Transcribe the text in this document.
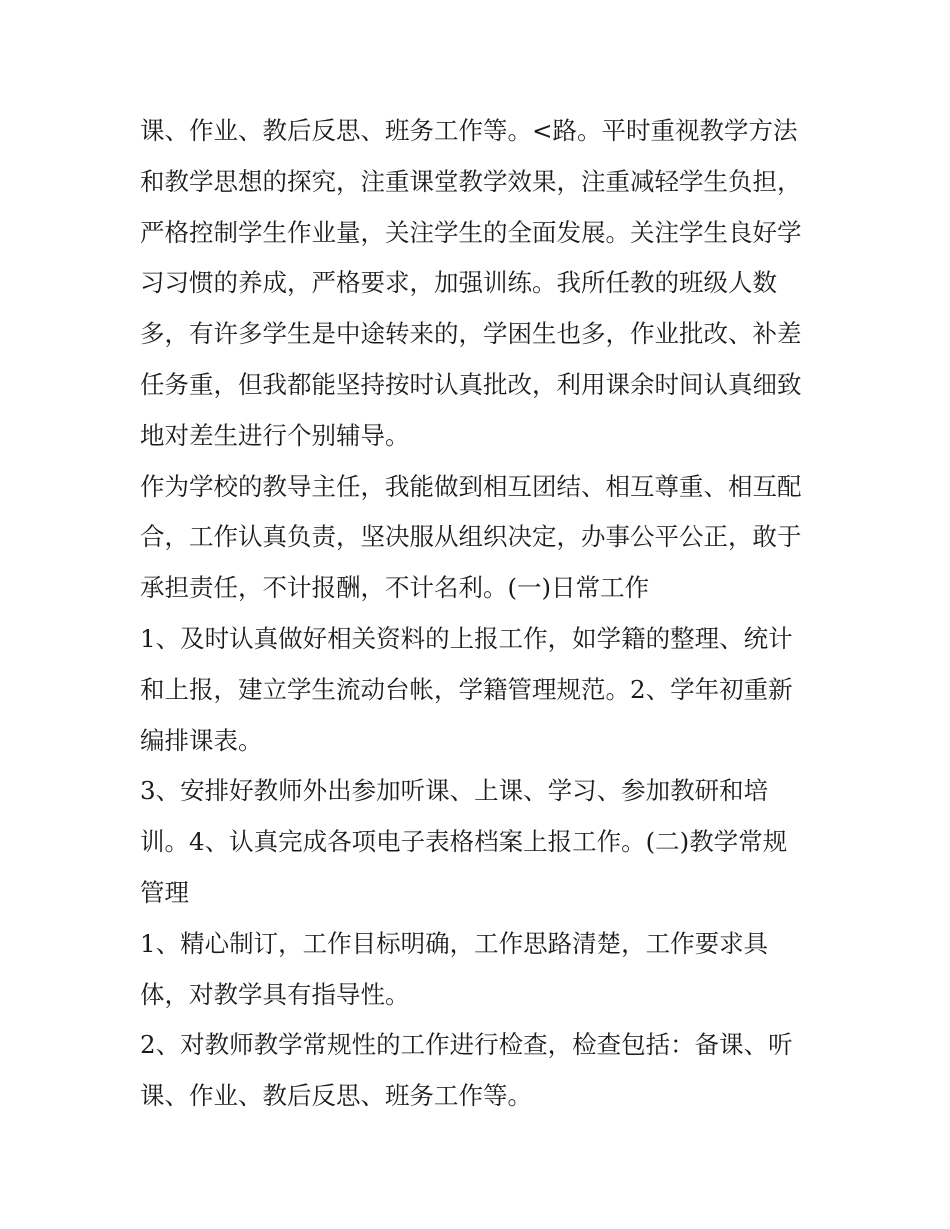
课、作业、教后反思、班务工作等。<路。平时重视教学方法
和教学思想的探究，注重课堂教学效果，注重减轻学生负担，
严格控制学生作业量，关注学生的全面发展。关注学生良好学
习习惯的养成，严格要求，加强训练。我所任教的班级人数
多，有许多学生是中途转来的，学困生也多，作业批改、补差
任务重，但我都能坚持按时认真批改，利用课余时间认真细致
地对差生进行个别辅导。
作为学校的教导主任，我能做到相互团结、相互尊重、相互配
合，工作认真负责，坚决服从组织决定，办事公平公正，敢于
承担责任，不计报酬，不计名利。(一)日常工作
1、及时认真做好相关资料的上报工作，如学籍的整理、统计
和上报，建立学生流动台帐，学籍管理规范。2、学年初重新
编排课表。
3、安排好教师外出参加听课、上课、学习、参加教研和培
训。4、认真完成各项电子表格档案上报工作。(二)教学常规
管理
1、精心制订，工作目标明确，工作思路清楚，工作要求具
体，对教学具有指导性。
2、对教师教学常规性的工作进行检查，检查包括：备课、听
课、作业、教后反思、班务工作等。
